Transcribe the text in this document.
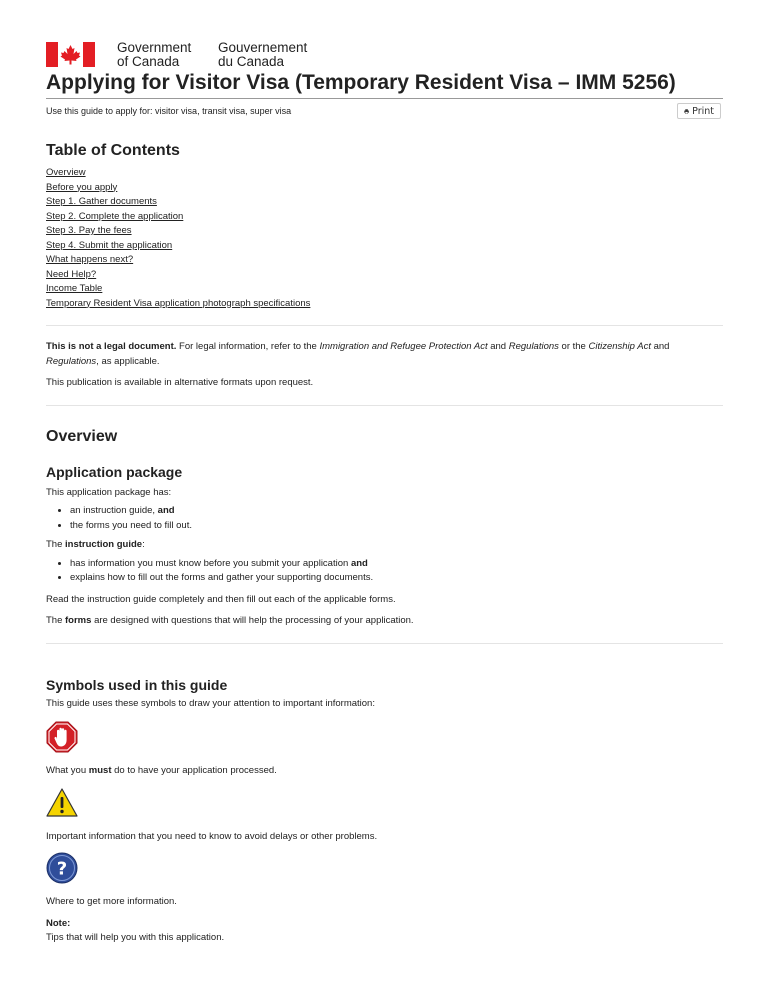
Government
of Canada
Gouvernement
du Canada
Applying for Visitor Visa (Temporary Resident Visa – IMM 5256)
Use this guide to apply for: visitor visa, transit visa, super visa	Print
Table of Contents
Overview
Before you apply
Step 1. Gather documents
Step 2. Complete the application
Step 3. Pay the fees
Step 4. Submit the application
What happens next?
Need Help?
Income Table
Temporary Resident Visa application photograph specifications

This is not a legal document. For legal information, refer to the Immigration and Refugee Protection Act and Regulations or the Citizenship Act and Regulations, as applicable.

This publication is available in alternative formats upon request.

Overview
Application package

This application package has:

• an instruction guide, and
• the forms you need to fill out.

The instruction guide:

• has information you must know before you submit your application and
• explains how to fill out the forms and gather your supporting documents.

Read the instruction guide completely and then fill out each of the applicable forms.

The forms are designed with questions that will help the processing of your application.

Symbols used in this guide

This guide uses these symbols to draw your attention to important information:

What you must do to have your application processed.

Important information that you need to know to avoid delays or other problems.

?

Where to get more information.

Note:
Tips that will help you with this application.
